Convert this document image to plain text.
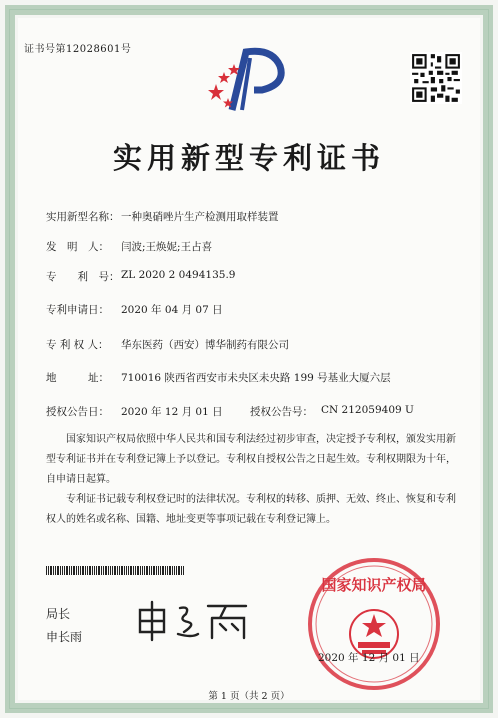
证书号第12028601号
实用新型专利证书
实用新型名称： 一种奥硝唑片生产检测用取样装置
发　明　人： 闫波;王焕妮;王占喜
专　　利　号： ZL 2020 2 0494135.9
专利申请日： 2020 年 04 月 07 日
专 利 权 人： 华东医药（西安）博华制药有限公司
地　　　址： 710016 陕西省西安市未央区未央路 199 号基业大厦六层
授权公告日： 2020 年 12 月 01 日	授权公告号： CN 212059409 U

国家知识产权局依照中华人民共和国专利法经过初步审查，决定授予专利权，颁发实用新型专利证书并在专利登记簿上予以登记。专利权自授权公告之日起生效。专利权期限为十年，自申请日起算。

专利证书记载专利权登记时的法律状况。专利权的转移、质押、无效、终止、恢复和专利权人的姓名或名称、国籍、地址变更等事项记载在专利登记簿上。

局长
申长雨
国家知识产权局
2020 年 12 月 01 日
第 1 页（共 2 页）
